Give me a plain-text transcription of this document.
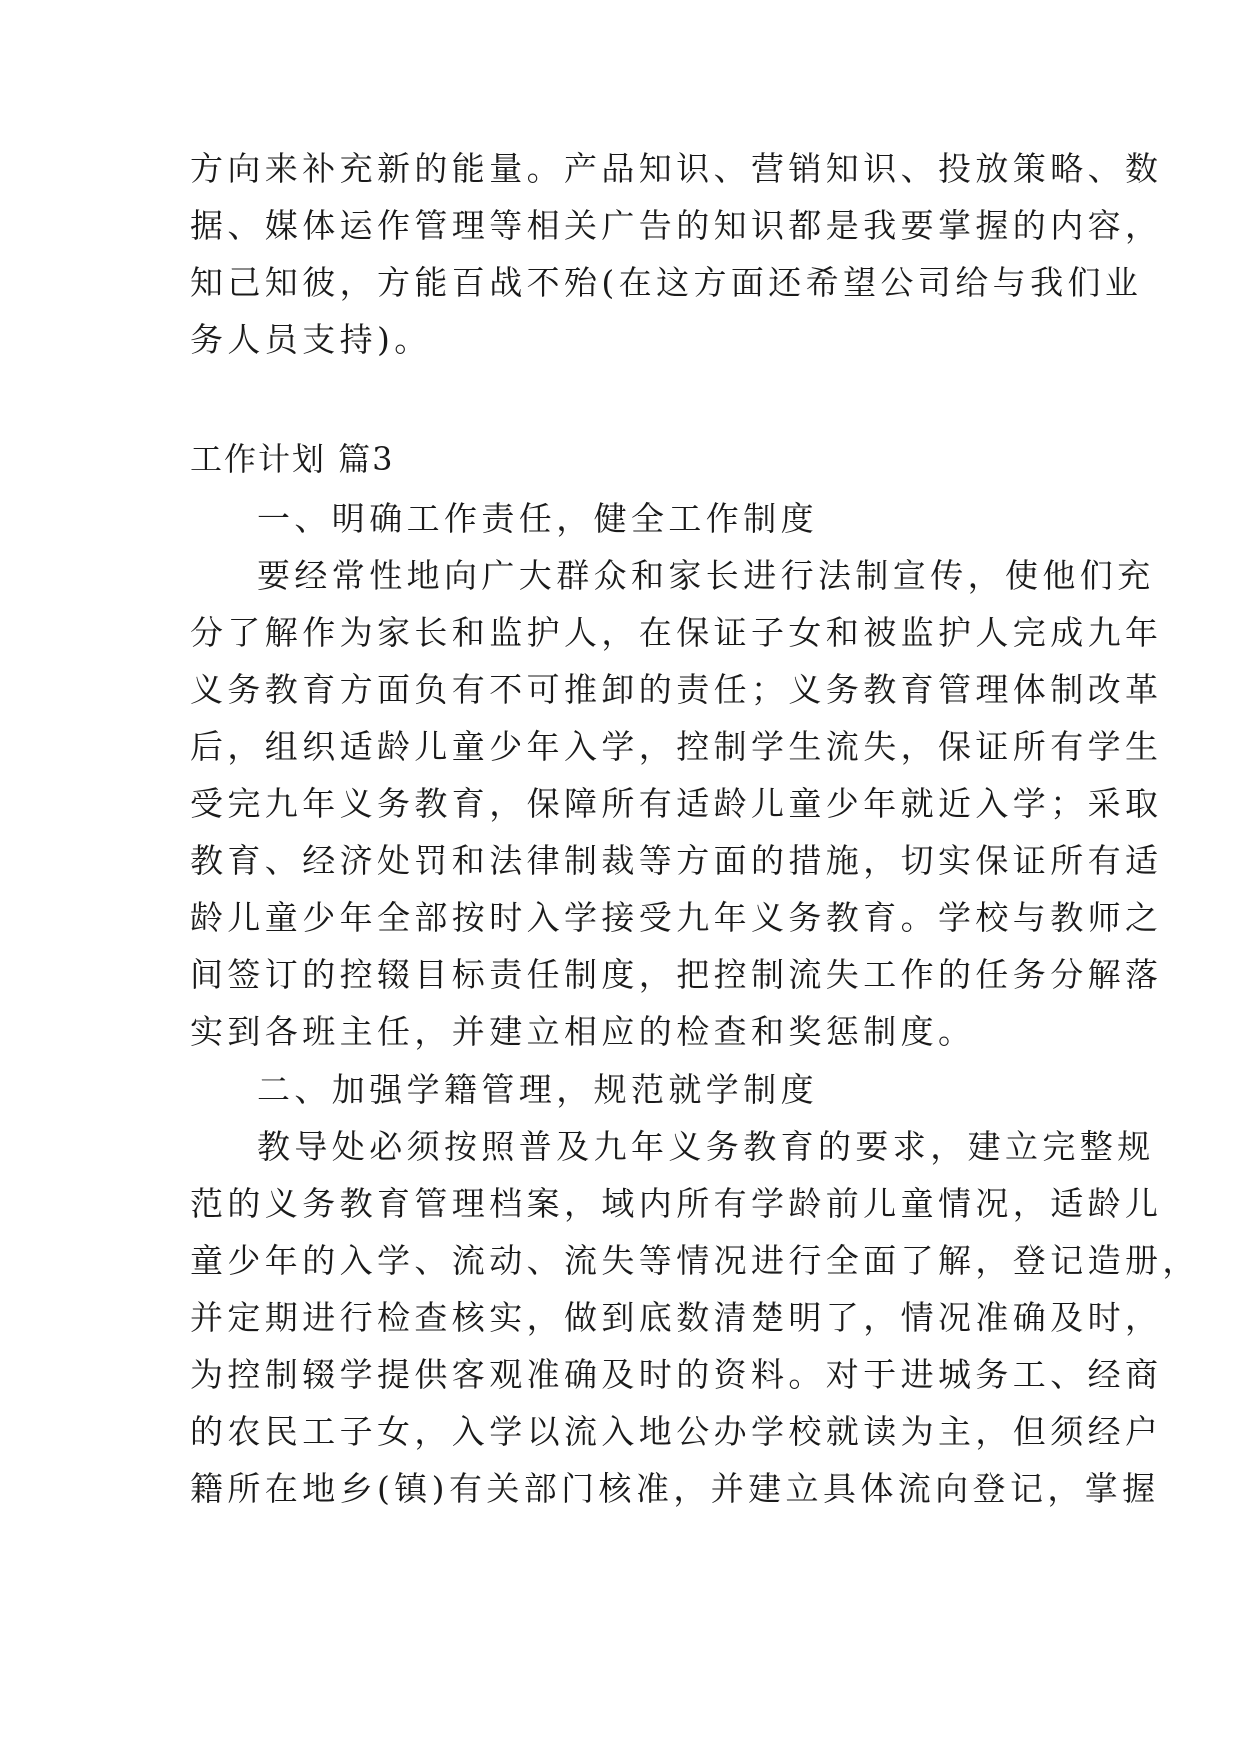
方向来补充新的能量。产品知识、营销知识、投放策略、数
据、媒体运作管理等相关广告的知识都是我要掌握的内容，
知己知彼，方能百战不殆(在这方面还希望公司给与我们业
务人员支持)。
工作计划 篇3
一、明确工作责任，健全工作制度
要经常性地向广大群众和家长进行法制宣传，使他们充
分了解作为家长和监护人，在保证子女和被监护人完成九年
义务教育方面负有不可推卸的责任；义务教育管理体制改革
后，组织适龄儿童少年入学，控制学生流失，保证所有学生
受完九年义务教育，保障所有适龄儿童少年就近入学；采取
教育、经济处罚和法律制裁等方面的措施，切实保证所有适
龄儿童少年全部按时入学接受九年义务教育。学校与教师之
间签订的控辍目标责任制度，把控制流失工作的任务分解落
实到各班主任，并建立相应的检查和奖惩制度。
二、加强学籍管理，规范就学制度
教导处必须按照普及九年义务教育的要求，建立完整规
范的义务教育管理档案，域内所有学龄前儿童情况，适龄儿
童少年的入学、流动、流失等情况进行全面了解，登记造册，
并定期进行检查核实，做到底数清楚明了，情况准确及时，
为控制辍学提供客观准确及时的资料。对于进城务工、经商
的农民工子女，入学以流入地公办学校就读为主，但须经户
籍所在地乡(镇)有关部门核准，并建立具体流向登记，掌握
